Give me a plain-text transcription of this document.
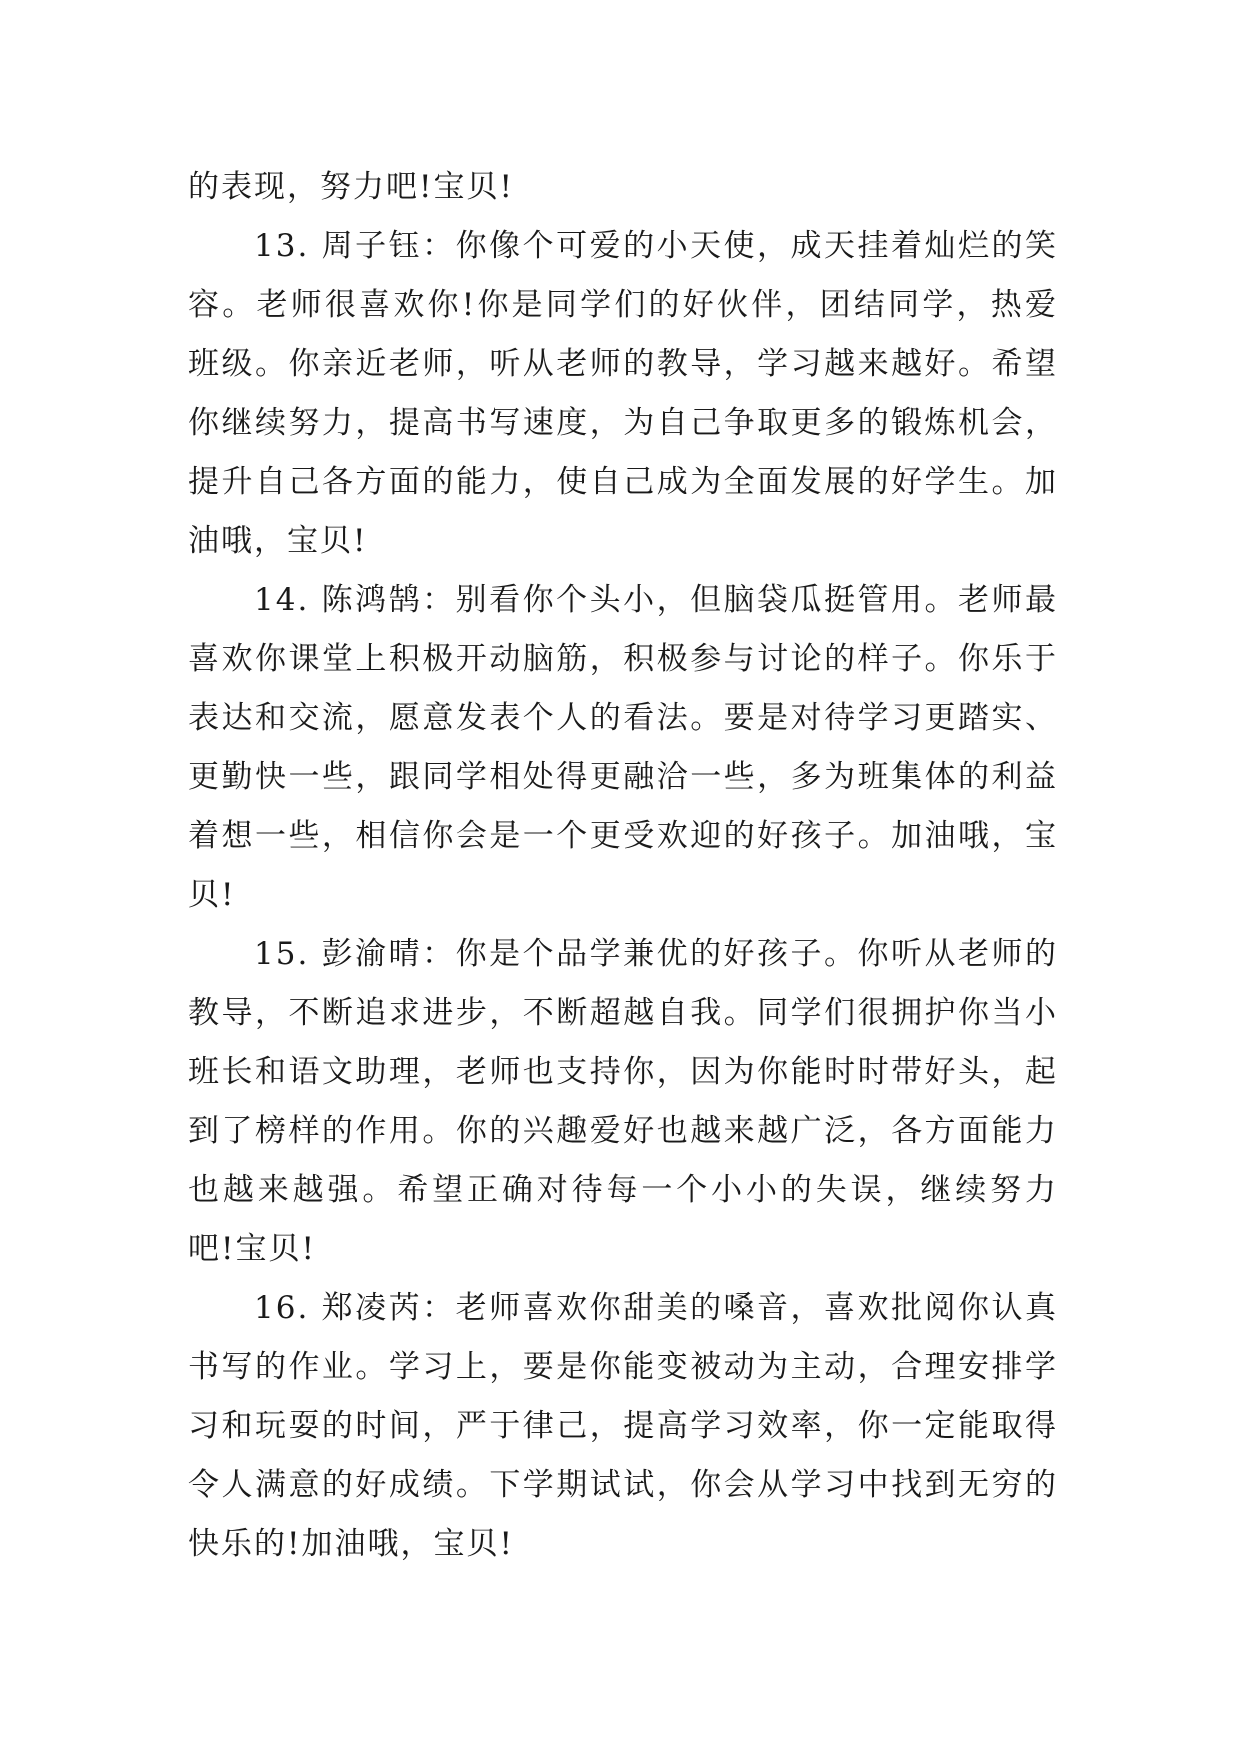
的表现，努力吧!宝贝!

13. 周子钰：你像个可爱的小天使，成天挂着灿烂的笑容。老师很喜欢你!你是同学们的好伙伴，团结同学，热爱班级。你亲近老师，听从老师的教导，学习越来越好。希望你继续努力，提高书写速度，为自己争取更多的锻炼机会，提升自己各方面的能力，使自己成为全面发展的好学生。加油哦，宝贝!

14. 陈鸿鹄：别看你个头小，但脑袋瓜挺管用。老师最喜欢你课堂上积极开动脑筋，积极参与讨论的样子。你乐于表达和交流，愿意发表个人的看法。要是对待学习更踏实、更勤快一些，跟同学相处得更融洽一些，多为班集体的利益着想一些，相信你会是一个更受欢迎的好孩子。加油哦，宝贝!

15. 彭渝晴：你是个品学兼优的好孩子。你听从老师的教导，不断追求进步，不断超越自我。同学们很拥护你当小班长和语文助理，老师也支持你，因为你能时时带好头，起到了榜样的作用。你的兴趣爱好也越来越广泛，各方面能力也越来越强。希望正确对待每一个小小的失误，继续努力吧!宝贝!

16. 郑凌芮：老师喜欢你甜美的嗓音，喜欢批阅你认真书写的作业。学习上，要是你能变被动为主动，合理安排学习和玩耍的时间，严于律己，提高学习效率，你一定能取得令人满意的好成绩。下学期试试，你会从学习中找到无穷的快乐的!加油哦，宝贝!
